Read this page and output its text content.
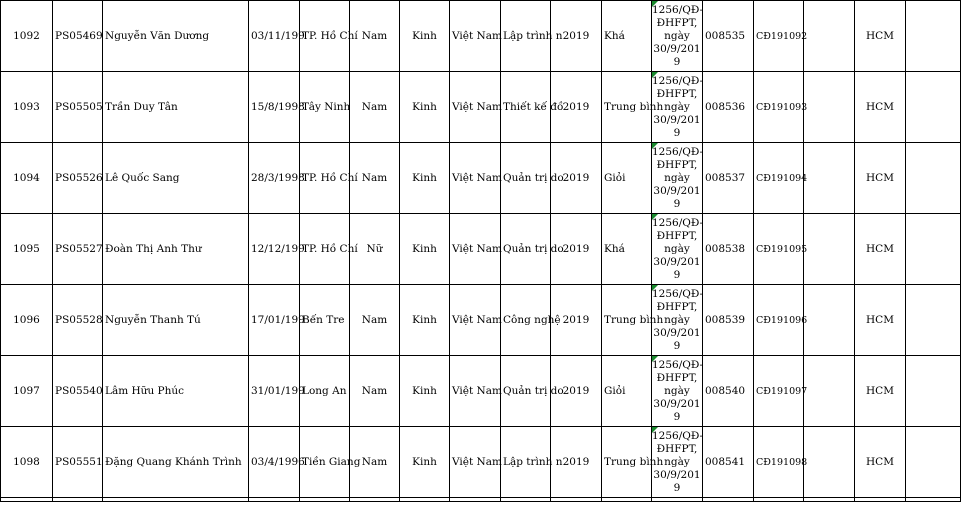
1092	PS05469	Nguyễn Văn Dương	03/11/199	TP. Hồ Chí	Nam	Kinh	Việt Nam	Lập trình n	2019	Khá	1256/QĐ-
ĐHFPT,
ngày
30/9/201
9	008535	CĐ191092		HCM	
1093	PS05505	Trần Duy Tân	15/8/1998	Tây Ninh	Nam	Kinh	Việt Nam	Thiết kế đồ	2019	Trung bình	1256/QĐ-
ĐHFPT,
ngày
30/9/201
9	008536	CĐ191093		HCM	
1094	PS05526	Lê Quốc Sang	28/3/1998	TP. Hồ Chí	Nam	Kinh	Việt Nam	Quản trị do	2019	Giỏi	1256/QĐ-
ĐHFPT,
ngày
30/9/201
9	008537	CĐ191094		HCM	
1095	PS05527	Đoàn Thị Anh Thư	12/12/199	TP. Hồ Chí	Nữ	Kinh	Việt Nam	Quản trị do	2019	Khá	1256/QĐ-
ĐHFPT,
ngày
30/9/201
9	008538	CĐ191095		HCM	
1096	PS05528	Nguyễn Thanh Tú	17/01/199	Bến Tre	Nam	Kinh	Việt Nam	Công nghệ	2019	Trung bình	1256/QĐ-
ĐHFPT,
ngày
30/9/201
9	008539	CĐ191096		HCM	
1097	PS05540	Lâm Hữu Phúc	31/01/199	Long An	Nam	Kinh	Việt Nam	Quản trị do	2019	Giỏi	1256/QĐ-
ĐHFPT,
ngày
30/9/201
9	008540	CĐ191097		HCM	
1098	PS05551	Đặng Quang Khánh Trình	03/4/1996	Tiền Giang	Nam	Kinh	Việt Nam	Lập trình n	2019	Trung bình	1256/QĐ-
ĐHFPT,
ngày
30/9/201
9	008541	CĐ191098		HCM	
